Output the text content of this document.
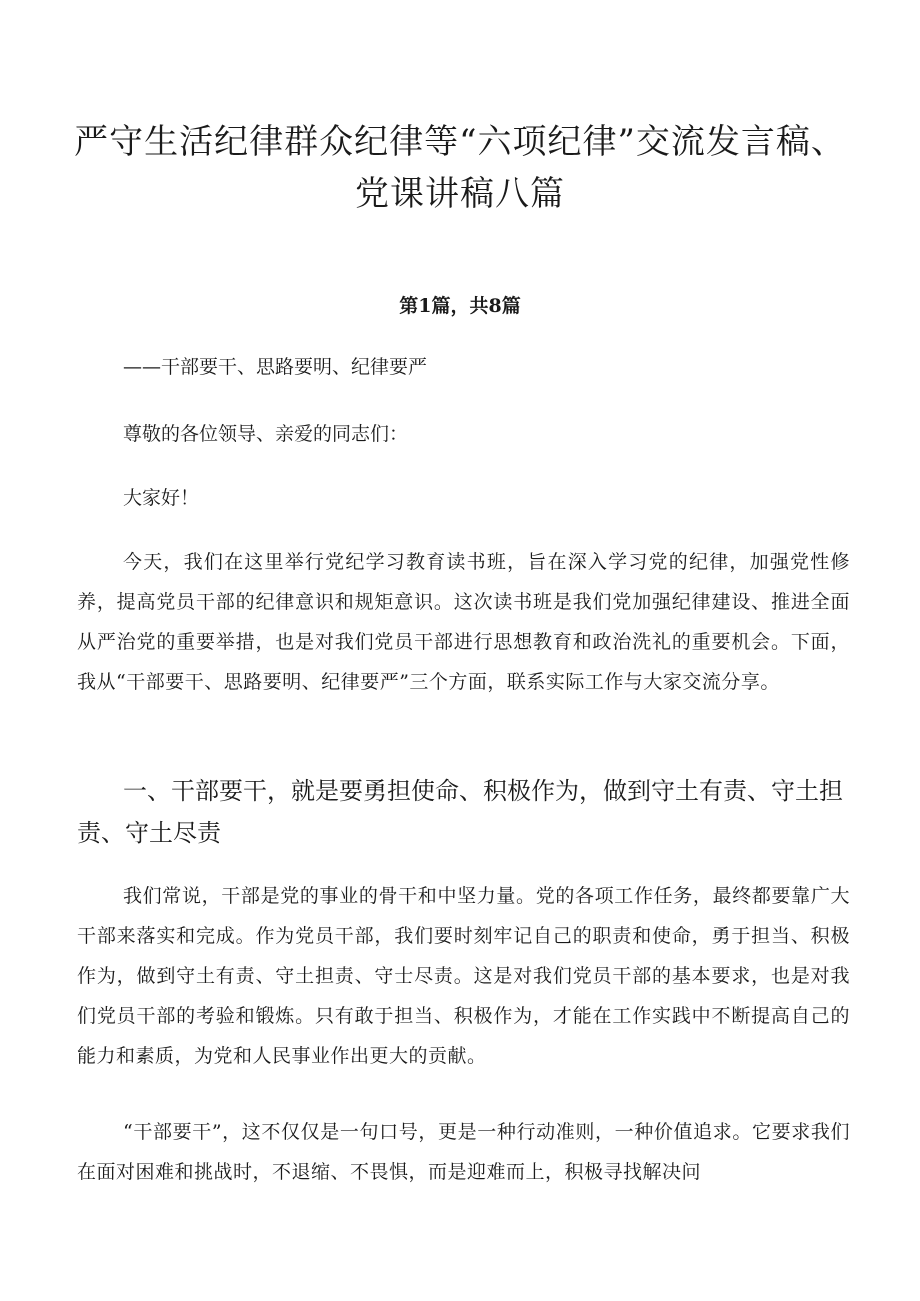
严守生活纪律群众纪律等“六项纪律”交流发言稿、党课讲稿八篇
第1篇，共8篇
——干部要干、思路要明、纪律要严
尊敬的各位领导、亲爱的同志们：
大家好！

今天，我们在这里举行党纪学习教育读书班，旨在深入学习党的纪律，加强党性修养，提高党员干部的纪律意识和规矩意识。这次读书班是我们党加强纪律建设、推进全面从严治党的重要举措，也是对我们党员干部进行思想教育和政治洗礼的重要机会。下面，我从“干部要干、思路要明、纪律要严”三个方面，联系实际工作与大家交流分享。

一、干部要干，就是要勇担使命、积极作为，做到守土有责、守土担责、守土尽责

我们常说，干部是党的事业的骨干和中坚力量。党的各项工作任务，最终都要靠广大干部来落实和完成。作为党员干部，我们要时刻牢记自己的职责和使命，勇于担当、积极作为，做到守土有责、守土担责、守士尽责。这是对我们党员干部的基本要求，也是对我们党员干部的考验和锻炼。只有敢于担当、积极作为，才能在工作实践中不断提高自己的能力和素质，为党和人民事业作出更大的贡献。

“干部要干”，这不仅仅是一句口号，更是一种行动准则，一种价值追求。它要求我们在面对困难和挑战时，不退缩、不畏惧，而是迎难而上，积极寻找解决问
